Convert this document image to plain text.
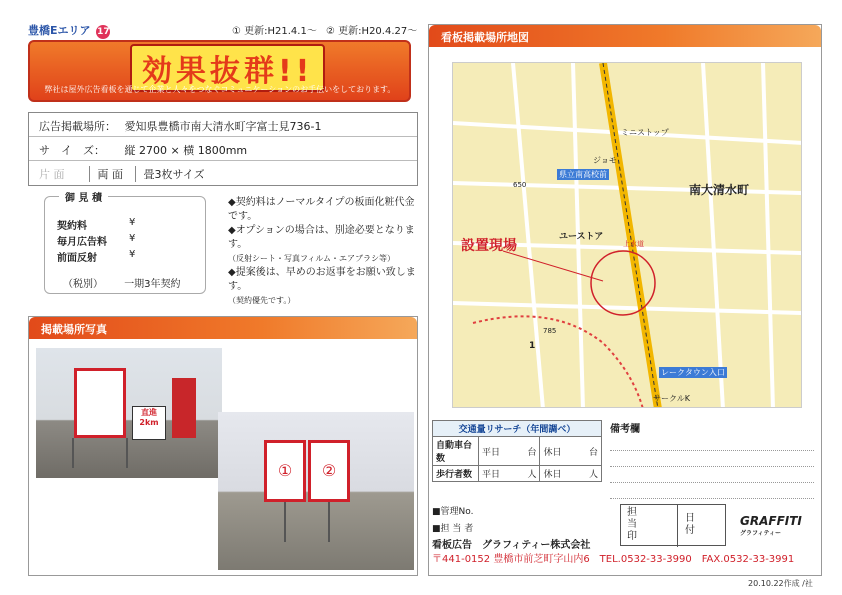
豊橋Eエリア 17	① 更新:H21.4.1～ ② 更新:H20.4.27～
効果抜群!!
弊社は屋外広告看板を通じて企業と人々をつなぐコミュニケーションのお手伝いをしております。
広告掲載場所： 愛知県豊橋市南大清水町字富士見736-1
サ　イ　ズ： 縦 2700 × 横 1800mm
片 面	両 面 畳3枚サイズ
御 見 積
契約料	¥
毎月広告料 ¥
前面反射	¥
（税別） 一期3年契約
◆契約料はノーマルタイプの板面化粧代金です。
◆オプションの場合は、別途必要となります。
（反射シート・写真フィルム・エアブラシ等）
◆提案後は、早めのお返事をお願い致します。
（契約優先です。）
掲載場所写真
直進 2km
①	②
看板掲載場所地図
南大清水町
設置現場
ミニストップ
ジョモ
ユーストア
県立南高校前
上水道
レークタウン入口
サークルK
650
785
1
交通量リサーチ（年間調べ）		
自動車台数	平日 台	休日 台

歩行者数	平日 人	休日 人
備考欄
■管理No.
■担 当 者
担当印
日付
GRAFFITI
グラフィティー
看板広告　グラフィティー株式会社
〒441-0152 豊橋市前芝町字山内6　TEL.0532-33-3990　FAX.0532-33-3991
20.10.22作成 /社
